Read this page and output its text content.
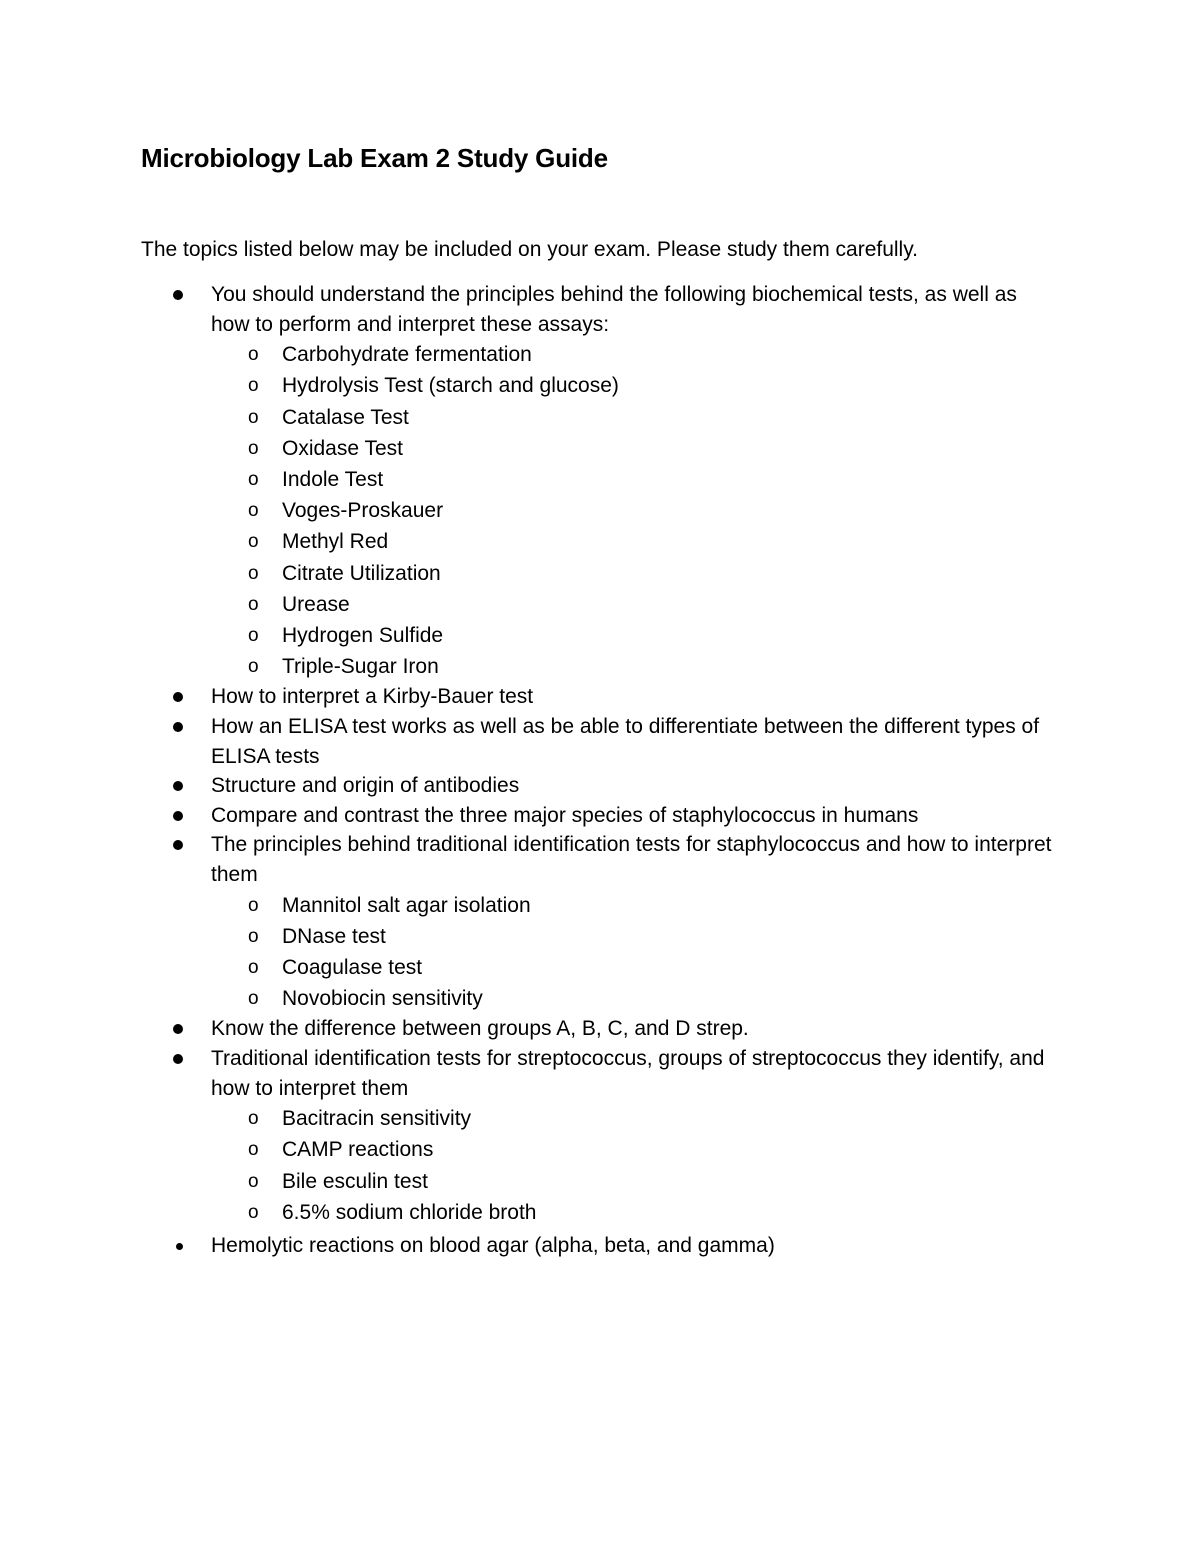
Microbiology Lab Exam 2 Study Guide

The topics listed below may be included on your exam. Please study them carefully.

You should understand the principles behind the following biochemical tests, as well as how to perform and interpret these assays:
o Carbohydrate fermentation
o Hydrolysis Test (starch and glucose)
o Catalase Test
o Oxidase Test
o Indole Test
o Voges-Proskauer
o Methyl Red
o Citrate Utilization
o Urease
o Hydrogen Sulfide
o Triple-Sugar Iron
How to interpret a Kirby-Bauer test
How an ELISA test works as well as be able to differentiate between the different types of ELISA tests
Structure and origin of antibodies
Compare and contrast the three major species of staphylococcus in humans
The principles behind traditional identification tests for staphylococcus and how to interpret them
o Mannitol salt agar isolation
o DNase test
o Coagulase test
o Novobiocin sensitivity
Know the difference between groups A, B, C, and D strep.
Traditional identification tests for streptococcus, groups of streptococcus they identify, and how to interpret them
o Bacitracin sensitivity
o CAMP reactions
o Bile esculin test
o 6.5% sodium chloride broth
Hemolytic reactions on blood agar (alpha, beta, and gamma)
